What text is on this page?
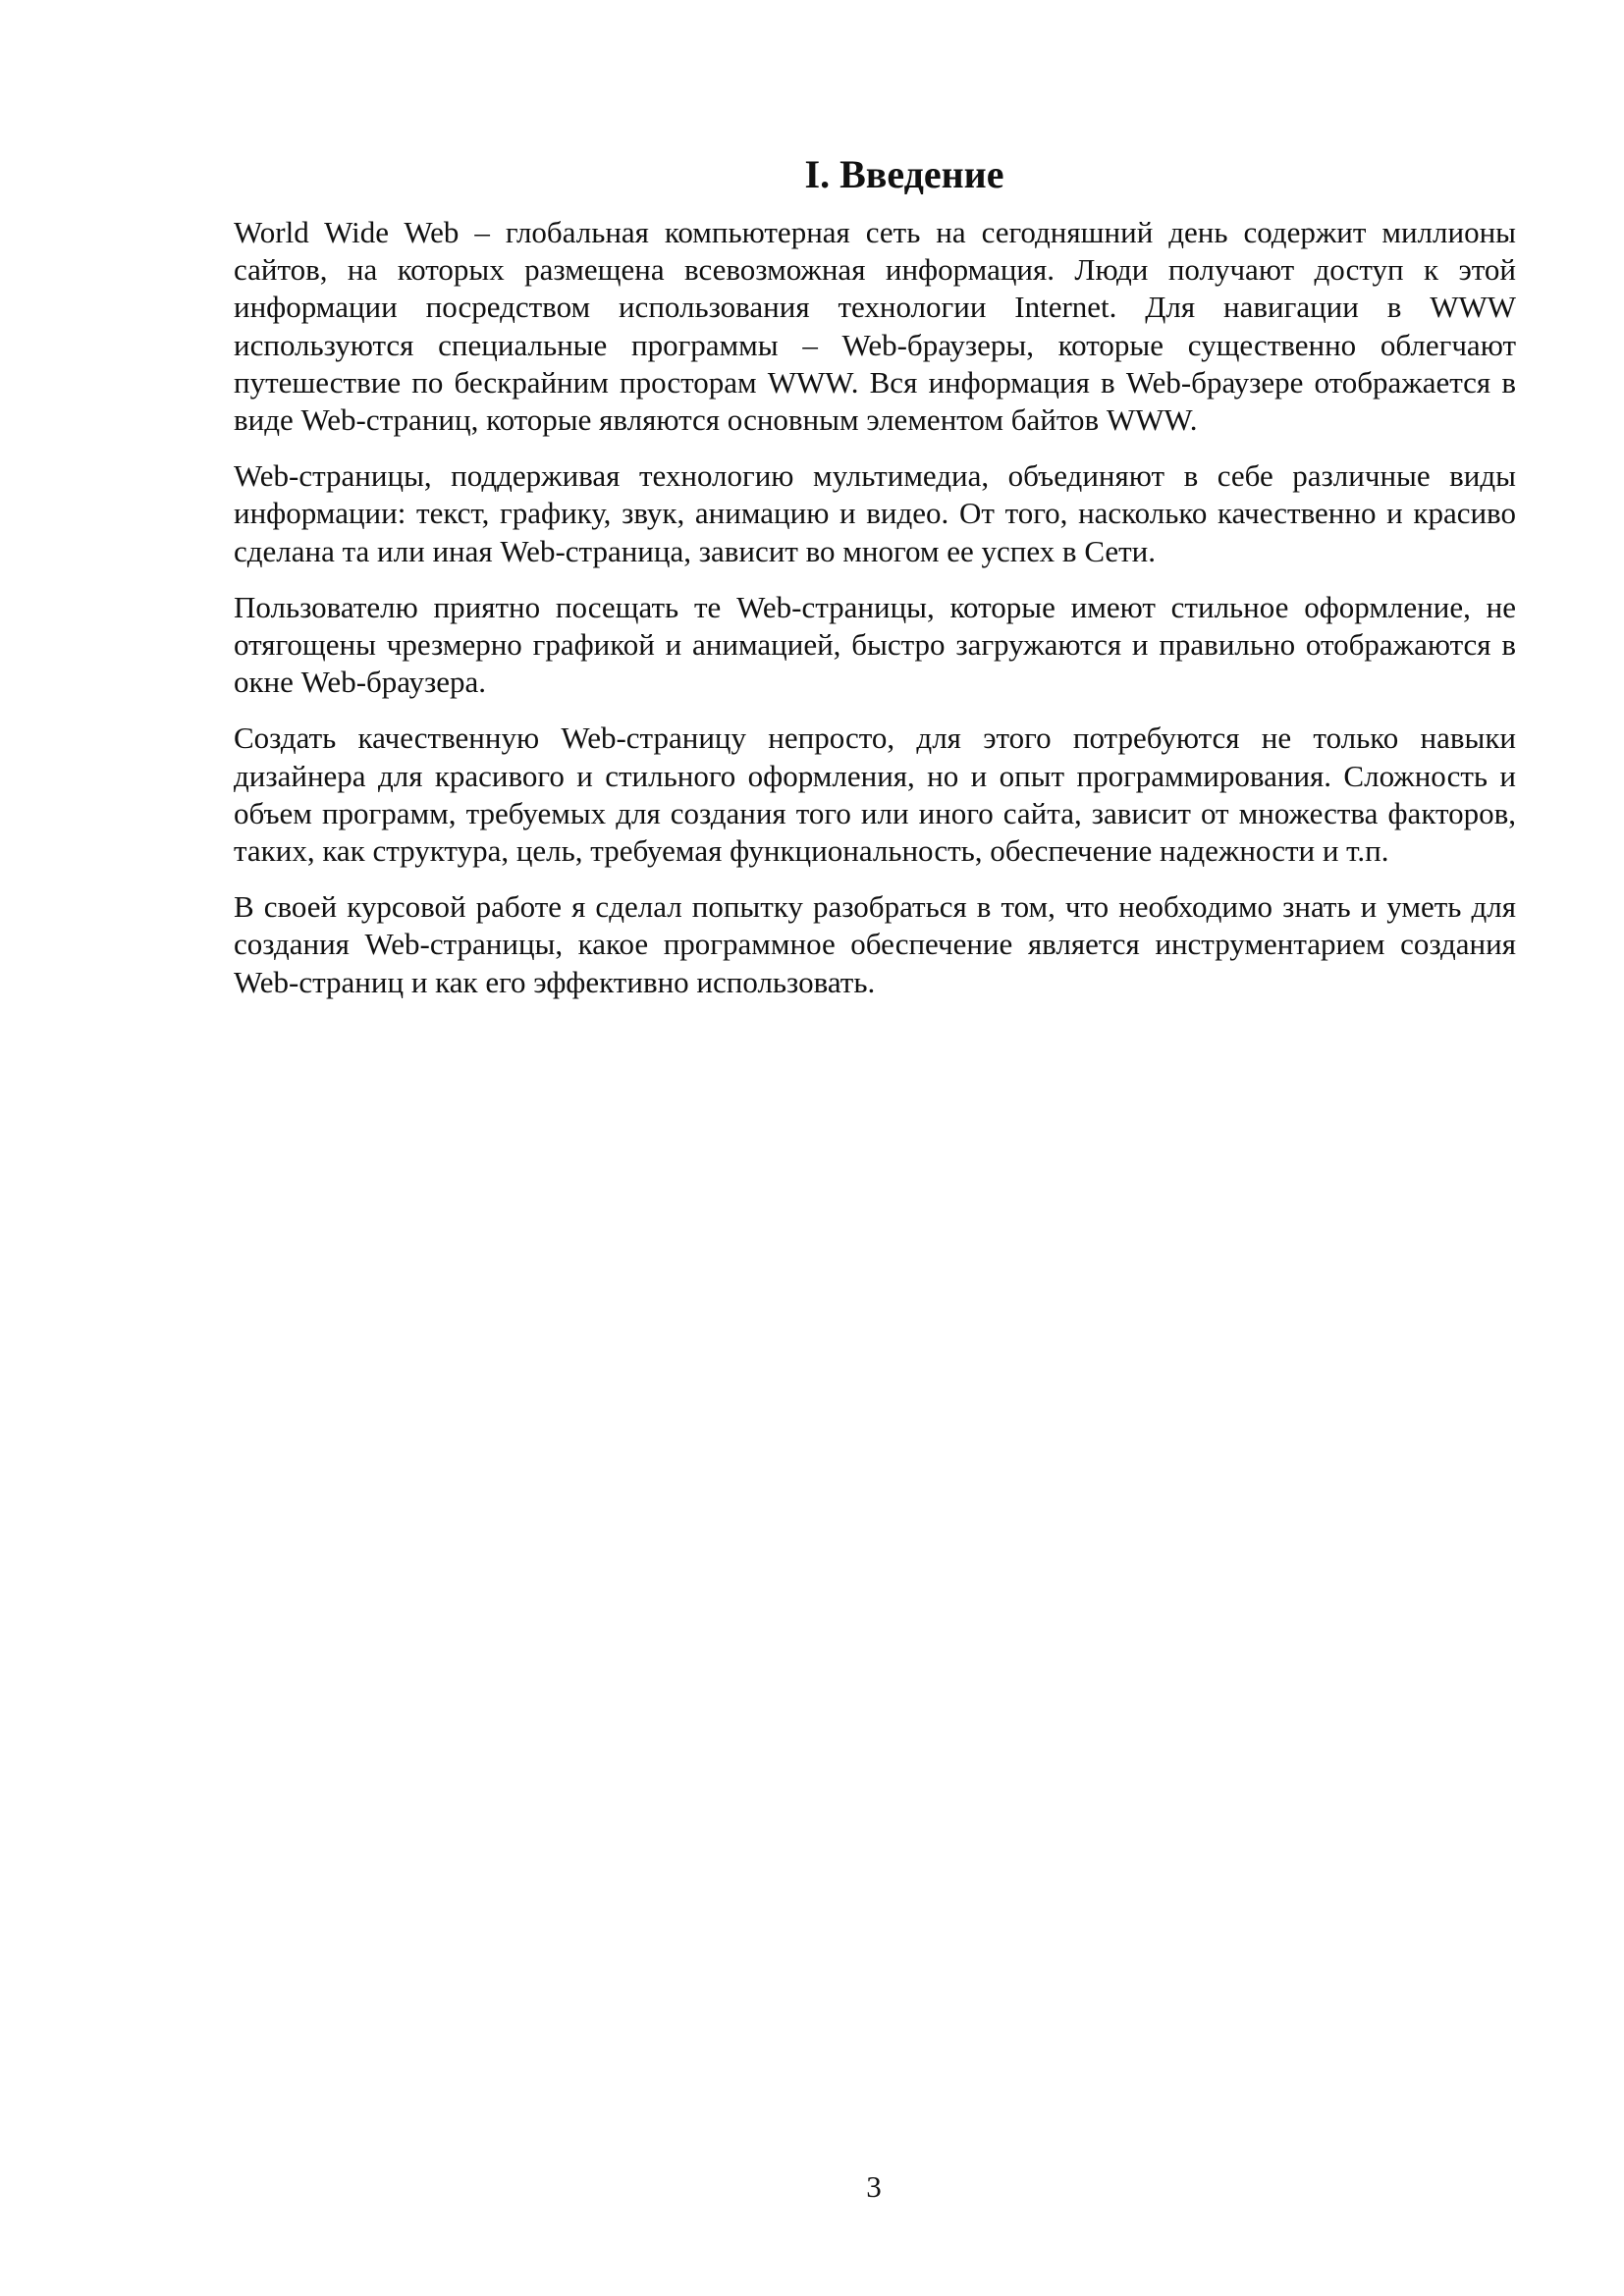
I. Введение

World Wide Web – глобальная компьютерная сеть на сегодняшний день содержит миллионы сайтов, на которых размещена всевозможная информация. Люди получают доступ к этой информации посредством использования технологии Internet. Для навигации в WWW используются специальные программы – Web-браузеры, которые существенно облегчают путешествие по бескрайним просторам WWW. Вся информация в Web-браузере отображается в виде Web-страниц, которые являются основным элементом байтов WWW.

Web-страницы, поддерживая технологию мультимедиа, объединяют в себе различные виды информации: текст, графику, звук, анимацию и видео. От того, насколько качественно и красиво сделана та или иная Web-страница, зависит во многом ее успех в Сети.

Пользователю приятно посещать те Web-страницы, которые имеют стильное оформление, не отягощены чрезмерно графикой и анимацией, быстро загружаются и правильно отображаются в окне Web-браузера.

Создать качественную Web-страницу непросто, для этого потребуются не только навыки дизайнера для красивого и стильного оформления, но и опыт программирования. Сложность и объем программ, требуемых для создания того или иного сайта, зависит от множества факторов, таких, как структура, цель, требуемая функциональность, обеспечение надежности и т.п.

В своей курсовой работе я сделал попытку разобраться в том, что необходимо знать и уметь для создания Web-страницы, какое программное обеспечение является инструментарием создания Web-страниц и как его эффективно использовать.

3
